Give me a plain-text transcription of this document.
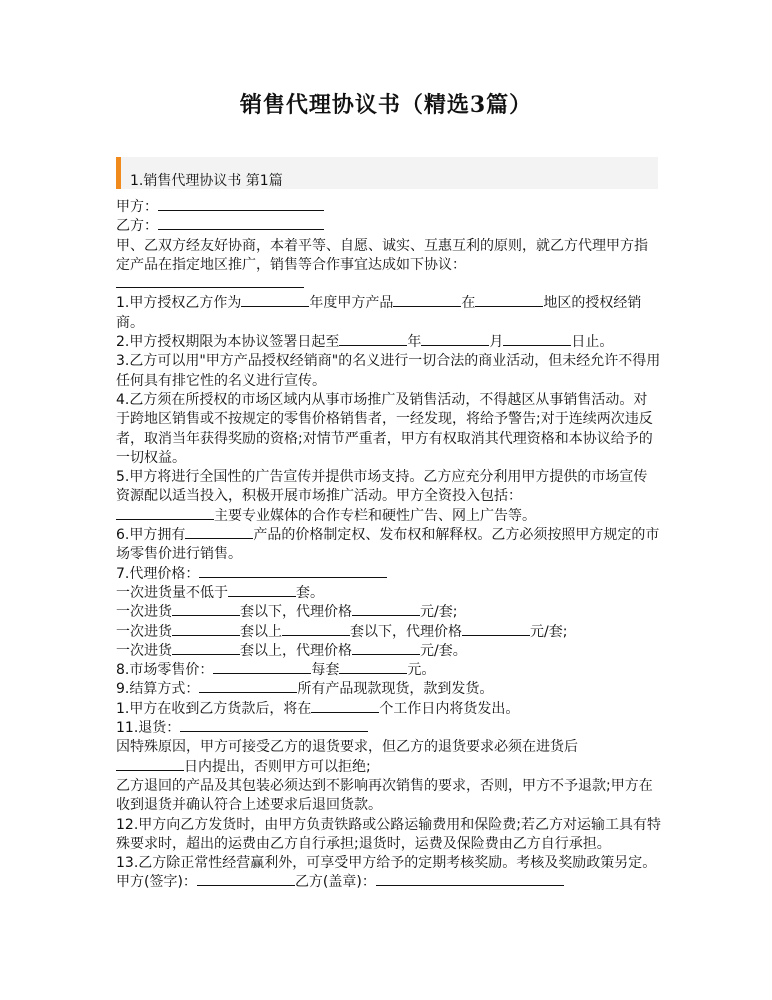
销售代理协议书（精选3篇）
1.销售代理协议书 第1篇

甲方：

乙方：

甲、乙双方经友好协商，本着平等、自愿、诚实、互惠互利的原则，就乙方代理甲方指定产品在指定地区推广，销售等合作事宜达成如下协议：

1.甲方授权乙方作为	年度甲方产品	在	地区的授权经销商。

2.甲方授权期限为本协议签署日起至	年	月	日止。

3.乙方可以用"甲方产品授权经销商"的名义进行一切合法的商业活动，但未经允许不得用任何具有排它性的名义进行宣传。

4.乙方须在所授权的市场区域内从事市场推广及销售活动，不得越区从事销售活动。对于跨地区销售或不按规定的零售价格销售者，一经发现，将给予警告;对于连续两次违反者，取消当年获得奖励的资格;对情节严重者，甲方有权取消其代理资格和本协议给予的一切权益。

5.甲方将进行全国性的广告宣传并提供市场支持。乙方应充分利用甲方提供的市场宣传资源配以适当投入，积极开展市场推广活动。甲方全资投入包括：

主要专业媒体的合作专栏和硬性广告、网上广告等。

6.甲方拥有	产品的价格制定权、发布权和解释权。乙方必须按照甲方规定的市场零售价进行销售。

7.代理价格：

一次进货量不低于	套。

一次进货	套以下，代理价格	元/套;

一次进货	套以上	套以下，代理价格	元/套;

一次进货	套以上，代理价格	元/套。

8.市场零售价：	每套	元。

9.结算方式：	所有产品现款现货，款到发货。

1.甲方在收到乙方货款后，将在	个工作日内将货发出。

11.退货：

因特殊原因，甲方可接受乙方的退货要求，但乙方的退货要求必须在进货后

日内提出，否则甲方可以拒绝;

乙方退回的产品及其包装必须达到不影响再次销售的要求，否则，甲方不予退款;甲方在收到退货并确认符合上述要求后退回货款。

12.甲方向乙方发货时，由甲方负责铁路或公路运输费用和保险费;若乙方对运输工具有特殊要求时，超出的运费由乙方自行承担;退货时，运费及保险费由乙方自行承担。

13.乙方除正常性经营赢利外，可享受甲方给予的定期考核奖励。考核及奖励政策另定。

甲方(签字)：	乙方(盖章)：
